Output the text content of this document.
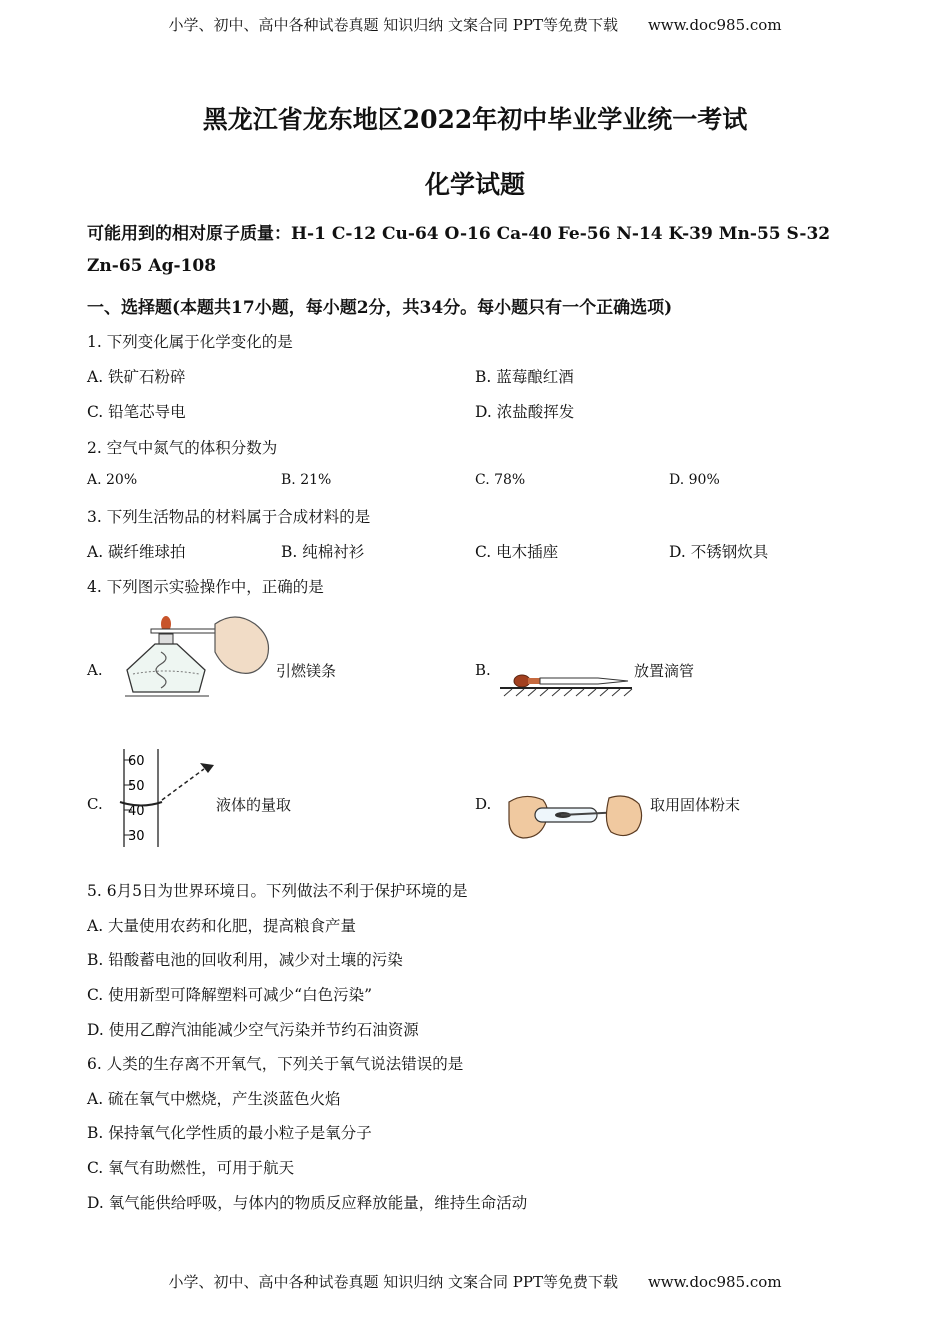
小学、初中、高中各种试卷真题 知识归纳 文案合同 PPT等免费下载　　www.doc985.com
黑龙江省龙东地区2022年初中毕业学业统一考试
化学试题
可能用到的相对原子质量：H-1 C-12 Cu-64 O-16 Ca-40 Fe-56 N-14 K-39 Mn-55 S-32
Zn-65 Ag-108
一、选择题(本题共17小题，每小题2分，共34分。每小题只有一个正确选项)
1. 下列变化属于化学变化的是
A. 铁矿石粉碎	B. 蓝莓酿红酒
C. 铅笔芯导电	D. 浓盐酸挥发
2. 空气中氮气的体积分数为
A. 20%	B. 21%	C. 78%	D. 90%
3. 下列生活物品的材料属于合成材料的是
A. 碳纤维球拍	B. 纯棉衬衫	C. 电木插座	D. 不锈钢炊具
4. 下列图示实验操作中，正确的是
A.	引燃镁条	B.	放置滴管
C.
60
50
40
30
液体的量取	D.	取用固体粉末
5. 6月5日为世界环境日。下列做法不利于保护环境的是
A. 大量使用农药和化肥，提高粮食产量
B. 铅酸蓄电池的回收利用，减少对土壤的污染
C. 使用新型可降解塑料可减少“白色污染”
D. 使用乙醇汽油能减少空气污染并节约石油资源
6. 人类的生存离不开氧气，下列关于氧气说法错误的是
A. 硫在氧气中燃烧，产生淡蓝色火焰
B. 保持氧气化学性质的最小粒子是氧分子
C. 氧气有助燃性，可用于航天
D. 氧气能供给呼吸，与体内的物质反应释放能量，维持生命活动
小学、初中、高中各种试卷真题 知识归纳 文案合同 PPT等免费下载　　www.doc985.com
